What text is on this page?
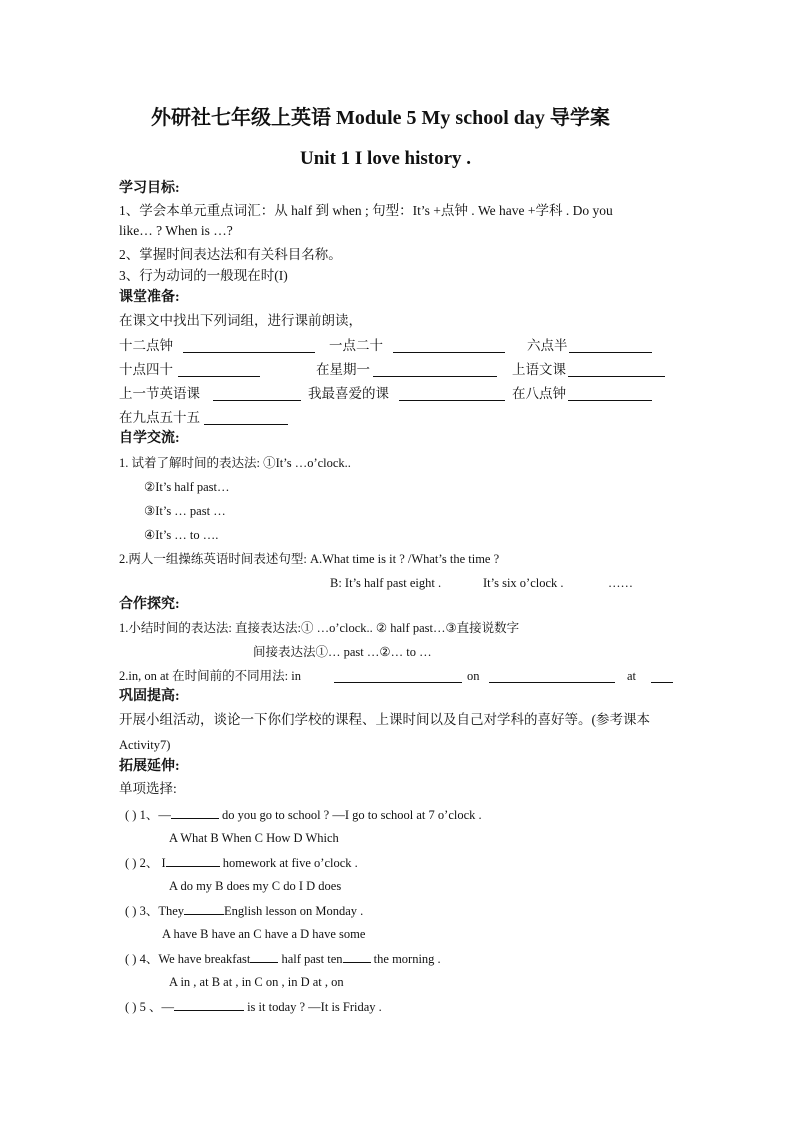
外研社七年级上英语 Module 5 My school day 导学案
Unit 1 I love history .
学习目标:
1、学会本单元重点词汇：从 half 到 when ; 句型：It’s +点钟 . We have +学科 . Do you
like… ? When is …?
2、掌握时间表达法和有关科目名称。
3、行为动词的一般现在时(I)
课堂准备:
在课文中找出下列词组，进行课前朗读，
十二点钟	一点二十	六点半
十点四十	在星期一	上语文课
上一节英语课	我最喜爱的课	在八点钟
在九点五十五
自学交流:
1. 试着了解时间的表达法: ①It’s …o’clock..
②It’s half past…
③It’s … past …
④It’s … to ….
2.两人一组操练英语时间表述句型: A.What time is it ? /What’s the time ?
B: It’s half past eight .	It’s six o’clock .	……
合作探究:
1.小结时间的表达法: 直接表达法:① …o’clock.. ② half past…③直接说数字
间接表达法①… past …②… to …
2.in, on at 在时间前的不同用法: in	on	at
巩固提高:
开展小组活动，谈论一下你们学校的课程、上课时间以及自己对学科的喜好等。(参考课本
Activity7)
拓展延伸:
单项选择:
( ) 1、—	do you go to school ? —I go to school at 7 o’clock .
A What B When C How D Which
( ) 2、 I	homework at five o’clock .
A do my B does my C do I D does
( ) 3、They	English lesson on Monday .
A have B have an C have a D have some
( ) 4、We have breakfast half past ten the morning .
A in , at B at , in C on , in D at , on
( ) 5 、—	is it today ? —It is Friday .
